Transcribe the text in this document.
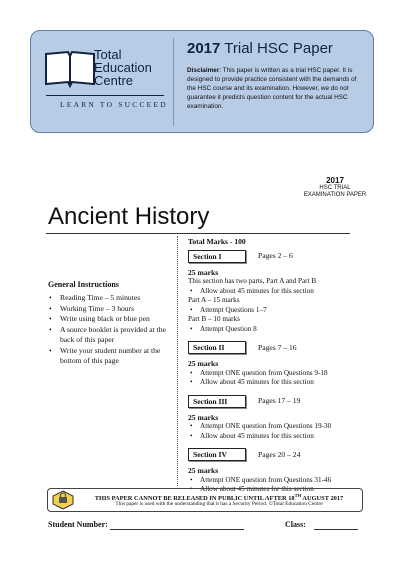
Total
Education
Centre
LEARN TO SUCCEED
2017 Trial HSC Paper
Disclaimer: This paper is written as a trial HSC paper. It is designed to provide practice consistent with the demands of the HSC course and its examination. However, we do not guarantee it predicts question content for the actual HSC examination.
2017
HSC TRIAL
EXAMINATION PAPER
Ancient History
General Instructions
• Reading Time – 5 minutes
• Working Time – 3 hours
• Write using black or blue pen
• A source booklet is provided at the back of this paper
• Write your student number at the bottom of this page
Total Marks - 100
Section I	Pages 2 – 6
25 marks
This section has two parts, Part A and Part B
• Allow about 45 minutes for this section
Part A – 15 marks
• Attempt Questions 1–7
Part B – 10 marks
• Attempt Question 8
Section II	Pages 7 – 16
25 marks
• Attempt ONE question from Questions 9-18
• Allow about 45 minutes for this section
Section III	Pages 17 – 19
25 marks
• Attempt ONE question from Questions 19-30
• Allow about 45 minutes for this section
Section IV	Pages 20 – 24
25 marks
• Attempt ONE question from Questions 31-46
• Allow about 45 minutes for this section
THIS PAPER CANNOT BE RELEASED IN PUBLIC UNTIL AFTER 18TH AUGUST 2017
This paper is used with the understanding that it has a Security Period. ©Total Education Centre
Student Number:	Class:
